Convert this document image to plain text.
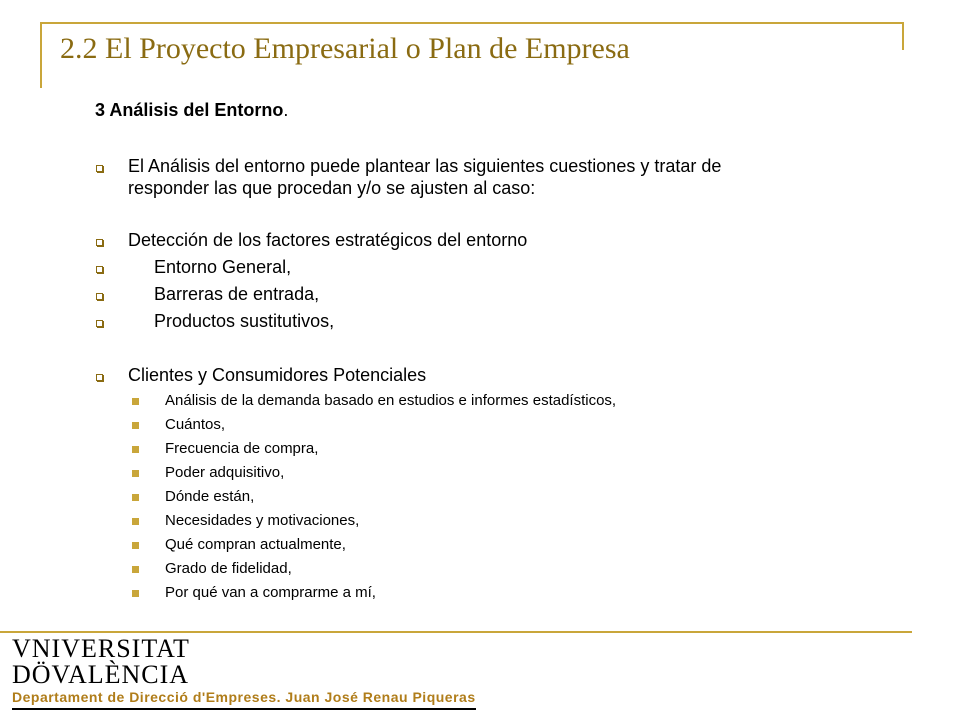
2.2 El Proyecto Empresarial o Plan de Empresa
3 Análisis del Entorno.
El Análisis del entorno puede plantear las siguientes cuestiones y tratar de
responder las que procedan y/o se ajusten al caso:
Detección de los factores estratégicos del entorno
Entorno General,
Barreras de entrada,
Productos sustitutivos,
Clientes y Consumidores Potenciales
Análisis de la demanda basado en estudios e informes estadísticos,
Cuántos,
Frecuencia de compra,
Poder adquisitivo,
Dónde están,
Necesidades y motivaciones,
Qué compran actualmente,
Grado de fidelidad,
Por qué van a comprarme a mí,
VNIVERSITAT
DÖVALÈNCIA
Departament de Direcció d'Empreses. Juan José Renau Piqueras
